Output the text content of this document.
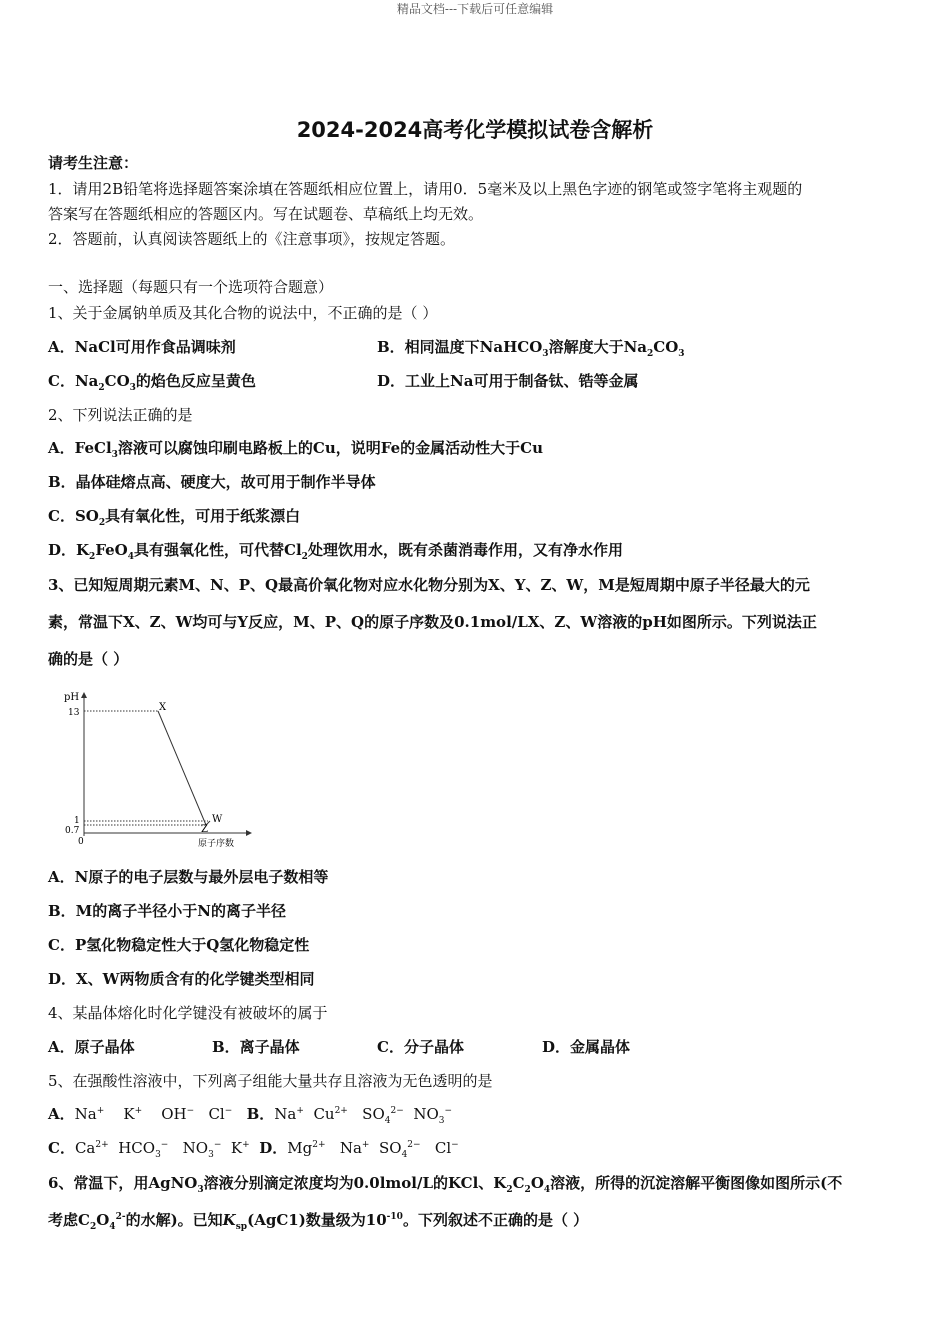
精品文档---下载后可任意编辑
2024-2024高考化学模拟试卷含解析
请考生注意：
1．请用2B铅笔将选择题答案涂填在答题纸相应位置上，请用0．5毫米及以上黑色字迹的钢笔或签字笔将主观题的
答案写在答题纸相应的答题区内。写在试题卷、草稿纸上均无效。
2．答题前，认真阅读答题纸上的《注意事项》，按规定答题。
一、选择题（每题只有一个选项符合题意）
1、关于金属钠单质及其化合物的说法中，不正确的是（ ）
A．NaCl可用作食品调味剂	B．相同温度下NaHCO$_3$溶解度大于$Na_2CO_3$
C．$Na_2CO_3$的焰色反应呈黄色	D．工业上Na可用于制备钛、锆等金属
2、下列说法正确的是
A．FeCl$_3$溶液可以腐蚀印刷电路板上的Cu，说明Fe的金属活动性大于Cu
B．晶体硅熔点高、硬度大，故可用于制作半导体
C．$SO_2$具有氧化性，可用于纸浆漂白
D．$K_2FeO_4$具有强氧化性，可代替$Cl_2$处理饮用水，既有杀菌消毒作用，又有净水作用
3、已知短周期元素M、N、P、Q最高价氧化物对应水化物分别为X、Y、Z、W，M是短周期中原子半径最大的元
素，常温下X、Z、W均可与Y反应，M、P、Q的原子序数及0.1mol/LX、Z、W溶液的pH如图所示。下列说法正
确的是（ ）
pH
原子序数
0
13
1
0.7
X
W
Z
A．N原子的电子层数与最外层电子数相等
B．M的离子半径小于N的离子半径
C．P氢化物稳定性大于Q氢化物稳定性
D．X、W两物质含有的化学键类型相同
4、某晶体熔化时化学键没有被破坏的属于
A．原子晶体	B．离子晶体	C．分子晶体	D．金属晶体
5、在强酸性溶液中，下列离子组能大量共存且溶液为无色透明的是
A．Na+ K+ OH− Cl− B．Na+ $Cu^{2+}$ $SO_4^{2-}$ $NO_3^-$
C．$Ca^{2+}$ $HCO_3^-$ $NO_3^-$ K+ D．$Mg^{2+}$ Na+ $SO_4^{2-}$ Cl−
6、常温下，用AgNO$_3$溶液分别滴定浓度均为0.0lmol/L的KCl、$K_2C_2O_4$溶液，所得的沉淀溶解平衡图像如图所示(不
考虑$C_2O_4^{2-}$的水解)。已知$K_{sp}(AgC1)$数量级为$10^{-10}$。下列叙述不正确的是（ ）
